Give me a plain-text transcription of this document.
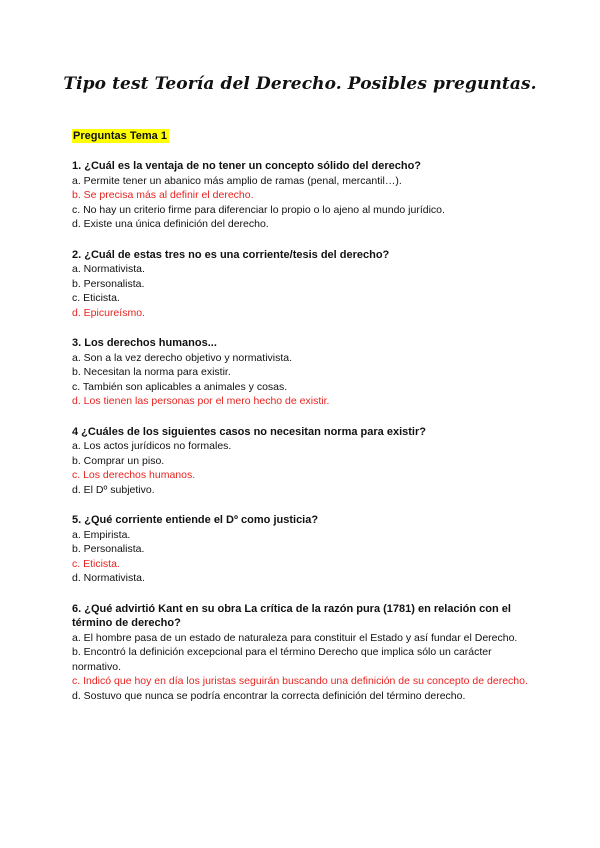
Tipo test Teoría del Derecho. Posibles preguntas.
Preguntas Tema 1

1. ¿Cuál es la ventaja de no tener un concepto sólido del derecho?

a. Permite tener un abanico más amplio de ramas (penal, mercantil…).

b. Se precisa más al definir el derecho.

c. No hay un criterio firme para diferenciar lo propio o lo ajeno al mundo jurídico.

d. Existe una única definición del derecho.

2. ¿Cuál de estas tres no es una corriente/tesis del derecho?

a. Normativista.

b. Personalista.

c. Eticista.

d. Epicureísmo.

3. Los derechos humanos...

a. Son a la vez derecho objetivo y normativista.

b. Necesitan la norma para existir.

c. También son aplicables a animales y cosas.

d. Los tienen las personas por el mero hecho de existir.

4 ¿Cuáles de los siguientes casos no necesitan norma para existir?

a. Los actos jurídicos no formales.

b. Comprar un piso.

c. Los derechos humanos.

d. El Dº subjetivo.

5. ¿Qué corriente entiende el Dº como justicia?

a. Empirista.

b. Personalista.

c. Eticista.

d. Normativista.

6. ¿Qué advirtió Kant en su obra La crítica de la razón pura (1781) en relación con el término de derecho?

a. El hombre pasa de un estado de naturaleza para constituir el Estado y así fundar el Derecho.

b. Encontró la definición excepcional para el término Derecho que implica sólo un carácter normativo.

c. Indicó que hoy en día los juristas seguirán buscando una definición de su concepto de derecho.

d. Sostuvo que nunca se podría encontrar la correcta definición del término derecho.
